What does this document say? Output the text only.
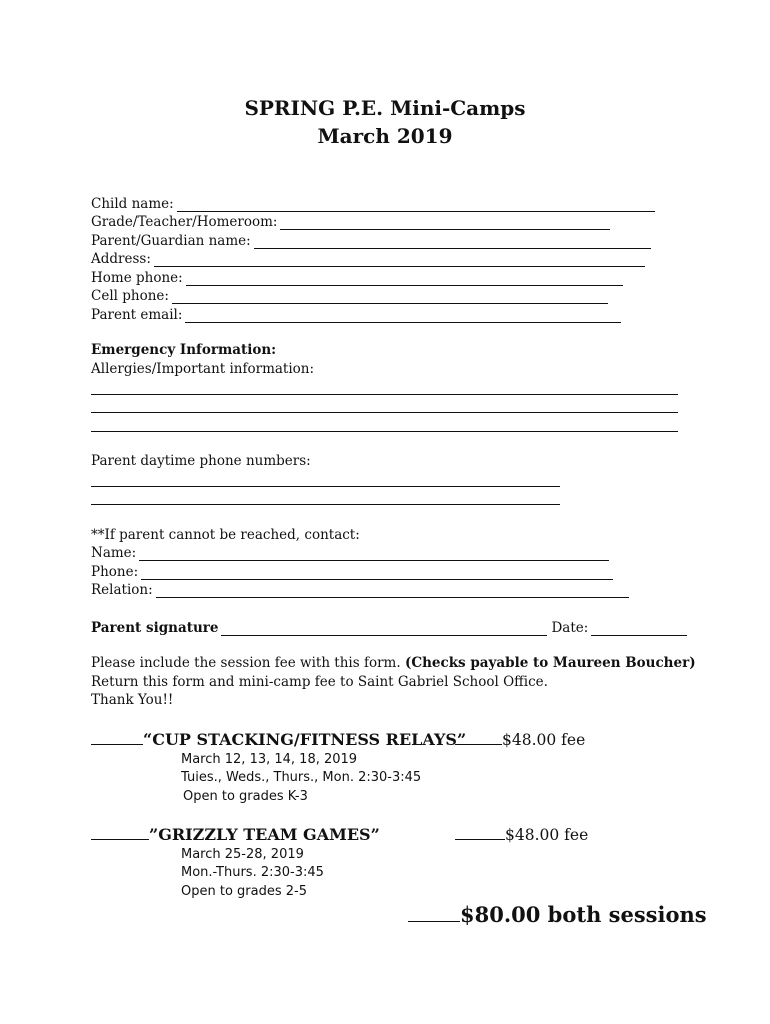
SPRING P.E. Mini-Camps
March 2019
Child name:
Grade/Teacher/Homeroom:
Parent/Guardian name:
Address:
Home phone:
Cell phone:
Parent email:
Emergency Information:
Allergies/Important information:
Parent daytime phone numbers:
**If parent cannot be reached, contact:
Name:
Phone:
Relation:
Parent signature	Date:
Please include the session fee with this form. (Checks payable to Maureen Boucher)
Return this form and mini-camp fee to Saint Gabriel School Office.
Thank You!!
“CUP STACKING/FITNESS RELAYS”	$48.00 fee
March 12, 13, 14, 18, 2019
Tuies., Weds., Thurs., Mon. 2:30-3:45
Open to grades K-3
”GRIZZLY TEAM GAMES”	$48.00 fee
March 25-28, 2019
Mon.-Thurs. 2:30-3:45
Open to grades 2-5
$80.00 both sessions
